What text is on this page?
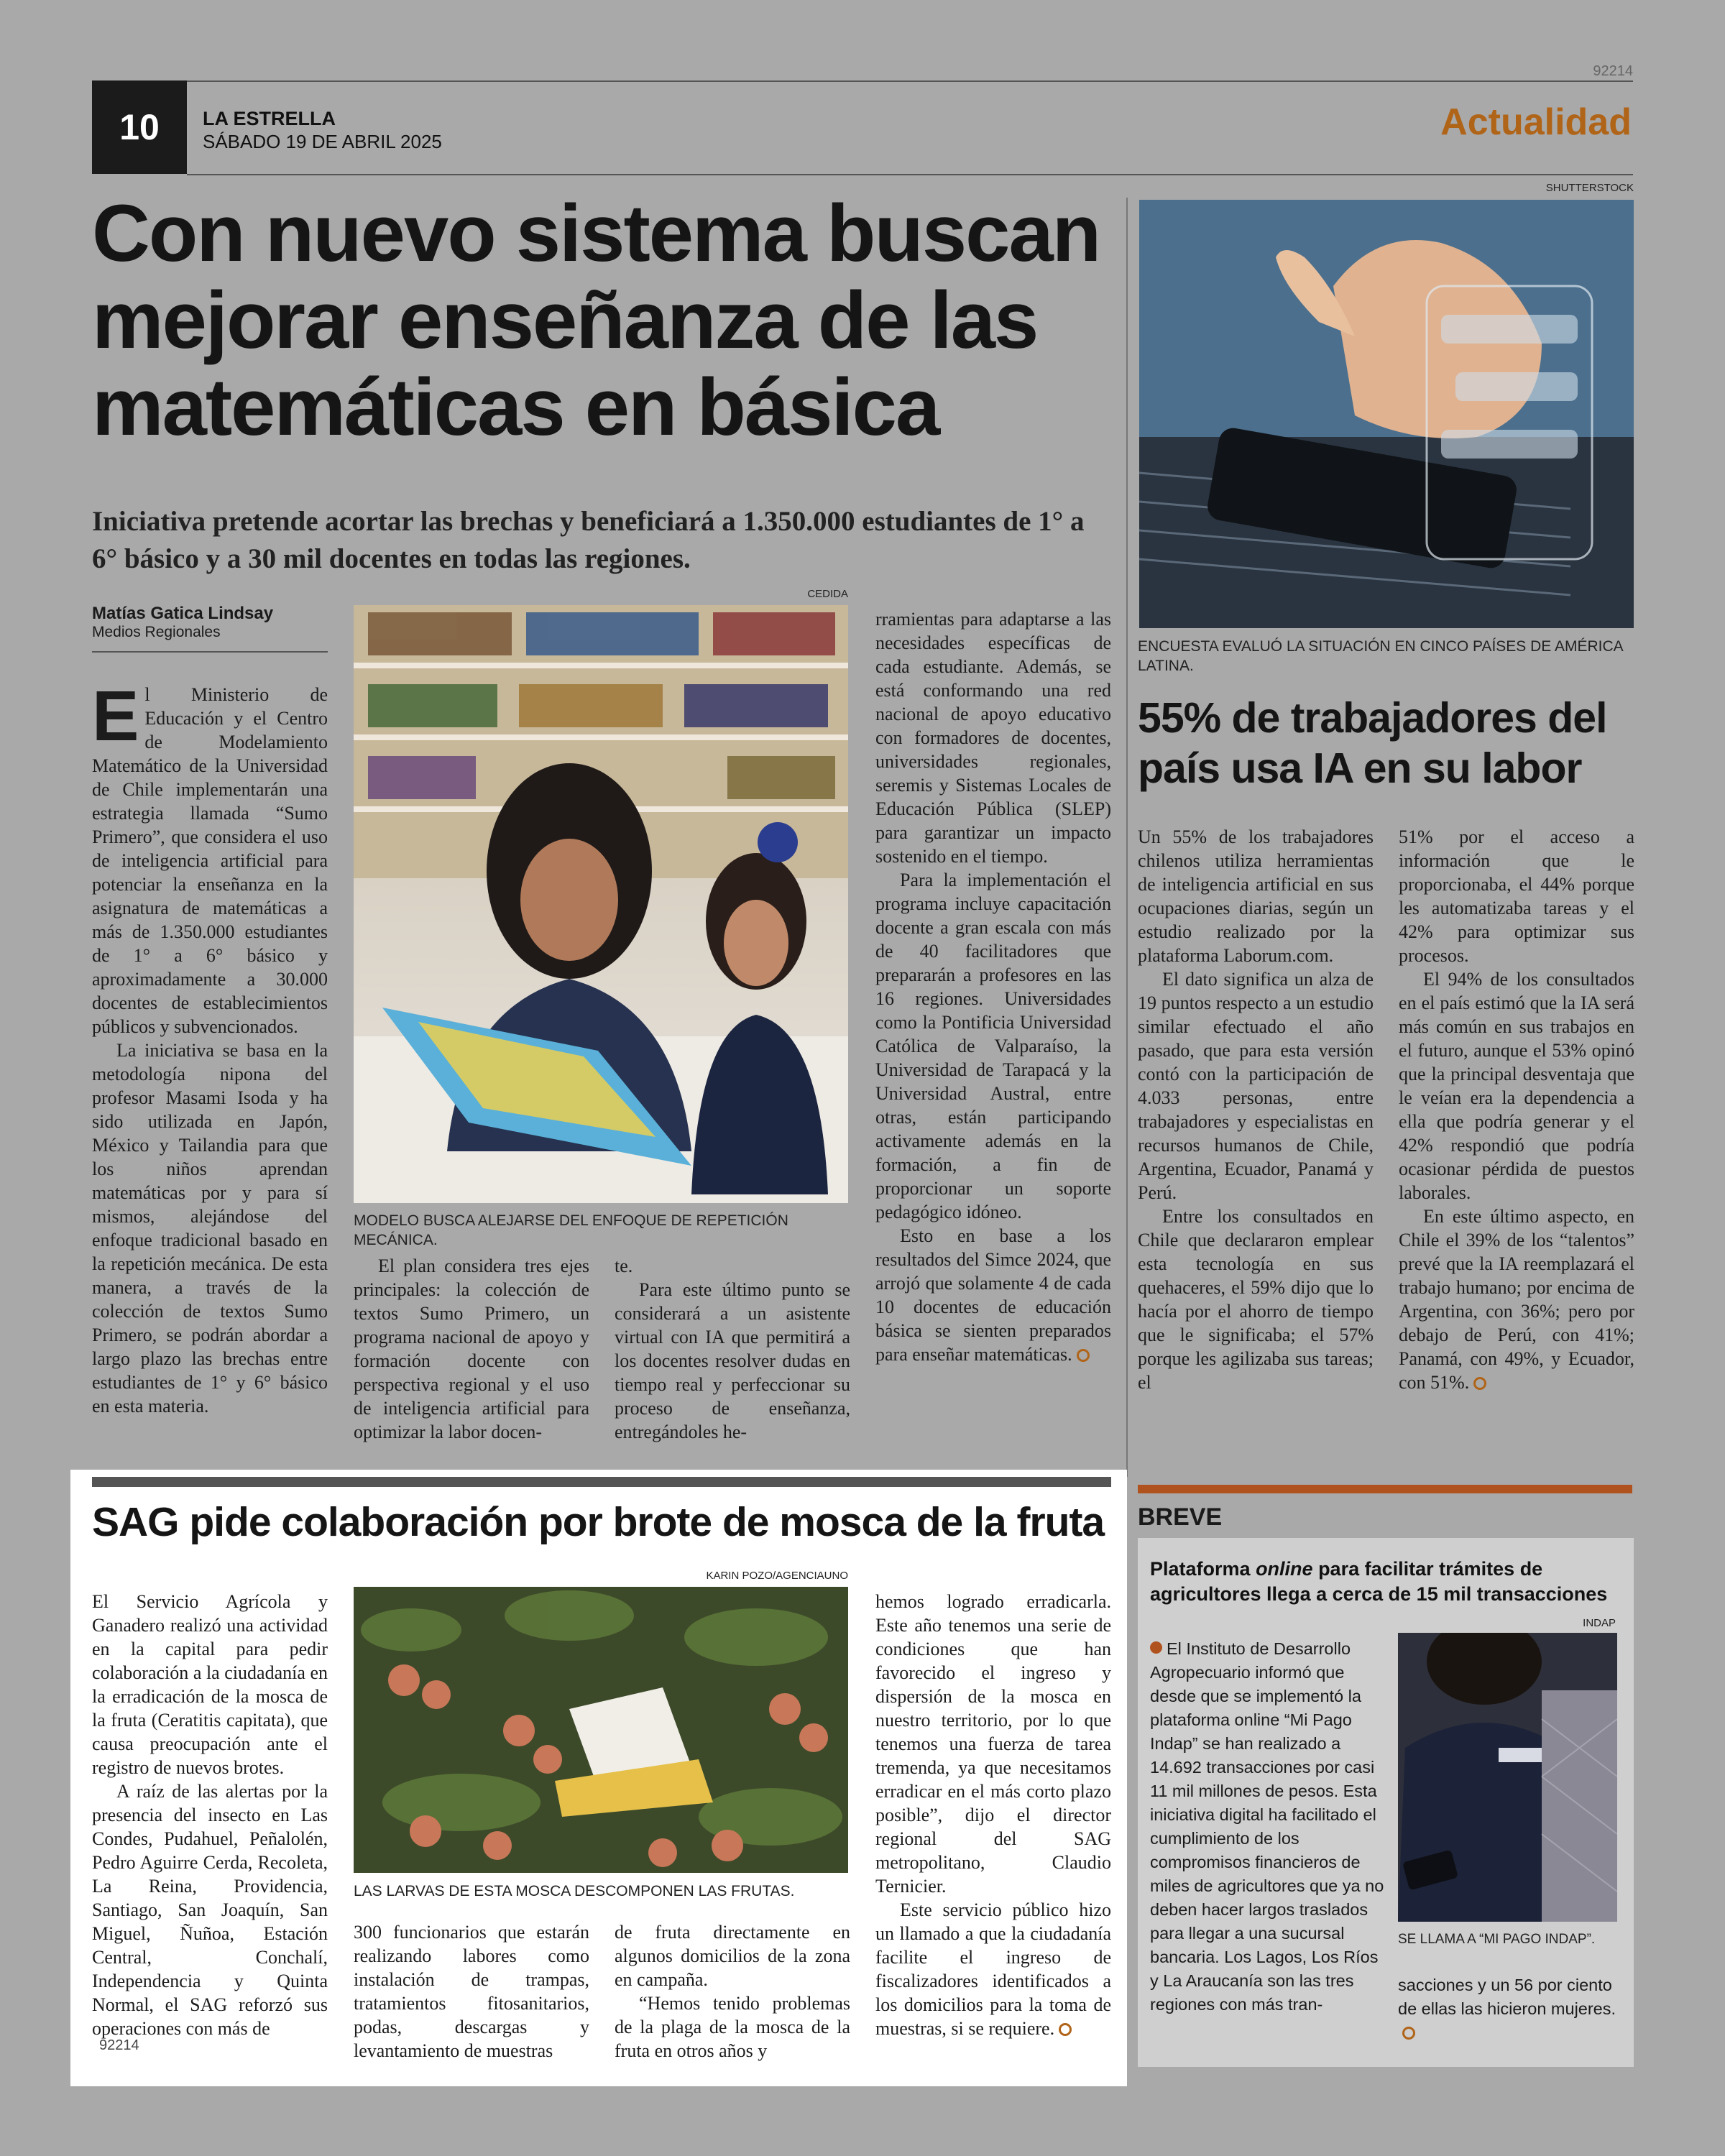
92214
10	LA ESTRELLA
SÁBADO 19 DE ABRIL 2025	Actualidad
Con nuevo sistema buscan mejorar enseñanza de las matemáticas en básica
Iniciativa pretende acortar las brechas y beneficiará a 1.350.000 estudiantes de 1° a 6° básico y a 30 mil docentes en todas las regiones.
Matías Gatica Lindsay
Medios Regionales

El Ministerio de Educación y el Centro de Modelamiento Matemático de la Universidad de Chile implementarán una estrategia llamada “Sumo Primero”, que considera el uso de inteligencia artificial para potenciar la enseñanza en la asignatura de matemáticas a más de 1.350.000 estudiantes de 1° a 6° básico y aproximadamente a 30.000 docentes de establecimientos públicos y subvencionados.

La iniciativa se basa en la metodología nipona del profesor Masami Isoda y ha sido utilizada en Japón, México y Tailandia para que los niños aprendan matemáticas por y para sí mismos, alejándose del enfoque tradicional basado en la repetición mecánica. De esta manera, a través de la colección de textos Sumo Primero, se podrán abordar a largo plazo las brechas entre estudiantes de 1° y 6° básico en esta materia.

CEDIDA
MODELO BUSCA ALEJARSE DEL ENFOQUE DE REPETICIÓN MECÁNICA.

El plan considera tres ejes principales: la colección de textos Sumo Primero, un programa nacional de apoyo y formación docente con perspectiva regional y el uso de inteligencia artificial para optimizar la labor docen-

te.

Para este último punto se considerará a un asistente virtual con IA que permitirá a los docentes resolver dudas en tiempo real y perfeccionar su proceso de enseñanza, entregándoles he-

rramientas para adaptarse a las necesidades específicas de cada estudiante. Además, se está conformando una red nacional de apoyo educativo con formadores de docentes, universidades regionales, seremis y Sistemas Locales de Educación Pública (SLEP) para garantizar un impacto sostenido en el tiempo.

Para la implementación el programa incluye capacitación docente a gran escala con más de 40 facilitadores que prepararán a profesores en las 16 regiones. Universidades como la Pontificia Universidad Católica de Valparaíso, la Universidad de Tarapacá y la Universidad Austral, entre otras, están participando activamente además en la formación, a fin de proporcionar un soporte pedagógico idóneo.

Esto en base a los resultados del Simce 2024, que arrojó que solamente 4 de cada 10 docentes de educación básica se sienten preparados para enseñar matemáticas.

SHUTTERSTOCK
ENCUESTA EVALUÓ LA SITUACIÓN EN CINCO PAÍSES DE AMÉRICA LATINA.
55% de trabajadores del país usa IA en su labor

Un 55% de los trabajadores chilenos utiliza herramientas de inteligencia artificial en sus ocupaciones diarias, según un estudio realizado por la plataforma Laborum.com.

El dato significa un alza de 19 puntos respecto a un estudio similar efectuado el año pasado, que para esta versión contó con la participación de 4.033 personas, entre trabajadores y especialistas en recursos humanos de Chile, Argentina, Ecuador, Panamá y Perú.

Entre los consultados en Chile que declararon emplear esta tecnología en sus quehaceres, el 59% dijo que lo hacía por el ahorro de tiempo que le significaba; el 57% porque les agilizaba sus tareas; el

51% por el acceso a información que le proporcionaba, el 44% porque les automatizaba tareas y el 42% para optimizar sus procesos.

El 94% de los consultados en el país estimó que la IA será más común en sus trabajos en el futuro, aunque el 53% opinó que la principal desventaja que le veían era la dependencia a ella que podría generar y el 42% respondió que podría ocasionar pérdida de puestos laborales.

En este último aspecto, en Chile el 39% de los “talentos” prevé que la IA reemplazará el trabajo humano; por encima de Argentina, con 36%; pero por debajo de Perú, con 41%; Panamá, con 49%, y Ecuador, con 51%.

SAG pide colaboración por brote de mosca de la fruta

El Servicio Agrícola y Ganadero realizó una actividad en la capital para pedir colaboración a la ciudadanía en la erradicación de la mosca de la fruta (Ceratitis capitata), que causa preocupación ante el registro de nuevos brotes.

A raíz de las alertas por la presencia del insecto en Las Condes, Pudahuel, Peñalolén, Pedro Aguirre Cerda, Recoleta, La Reina, Providencia, Santiago, San Joaquín, San Miguel, Ñuñoa, Estación Central, Conchalí, Independencia y Quinta Normal, el SAG reforzó sus operaciones con más de

KARIN POZO/AGENCIAUNO
LAS LARVAS DE ESTA MOSCA DESCOMPONEN LAS FRUTAS.

300 funcionarios que estarán realizando labores como instalación de trampas, tratamientos fitosanitarios, podas, descargas y levantamiento de muestras

de fruta directamente en algunos domicilios de la zona en campaña.

“Hemos tenido problemas de la plaga de la mosca de la fruta en otros años y

hemos logrado erradicarla. Este año tenemos una serie de condiciones que han favorecido el ingreso y dispersión de la mosca en nuestro territorio, por lo que tenemos una fuerza de tarea tremenda, ya que necesitamos erradicar en el más corto plazo posible”, dijo el director regional del SAG metropolitano, Claudio Ternicier.

Este servicio público hizo un llamado a que la ciudadanía facilite el ingreso de fiscalizadores identificados a los domicilios para la toma de muestras, si se requiere.

92214
BREVE
Plataforma online para facilitar trámites de agricultores llega a cerca de 15 mil transacciones
El Instituto de Desarrollo Agropecuario informó que desde que se implementó la plataforma online “Mi Pago Indap” se han realizado a 14.692 transacciones por casi 11 mil millones de pesos. Esta iniciativa digital ha facilitado el cumplimiento de los compromisos financieros de miles de agricultores que ya no deben hacer largos traslados para llegar a una sucursal bancaria. Los Lagos, Los Ríos y La Araucanía son las tres regiones con más tran-
INDAP
SE LLAMA A “MI PAGO INDAP”.
sacciones y un 56 por ciento de ellas las hicieron mujeres.
